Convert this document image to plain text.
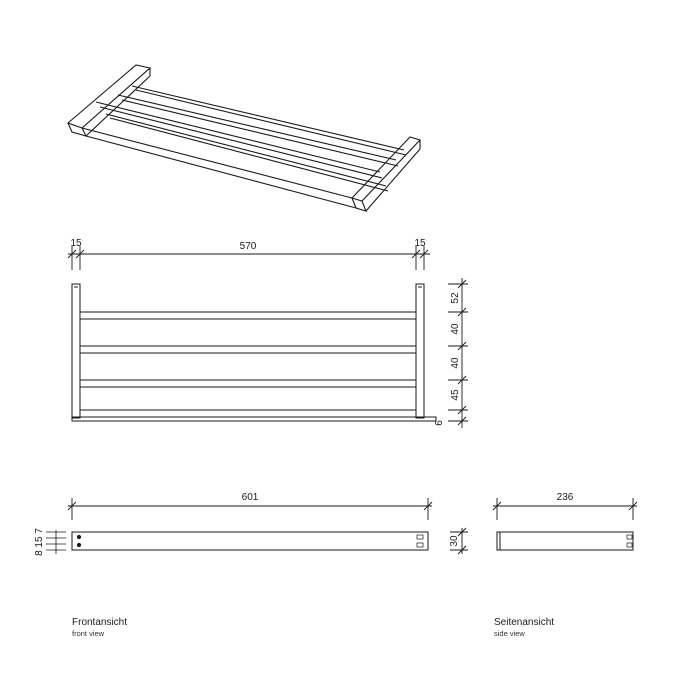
15	570	15
52
40
40
45
6
601	236
30
8 15 7
Frontansicht
front view
Seitenansicht
side view
